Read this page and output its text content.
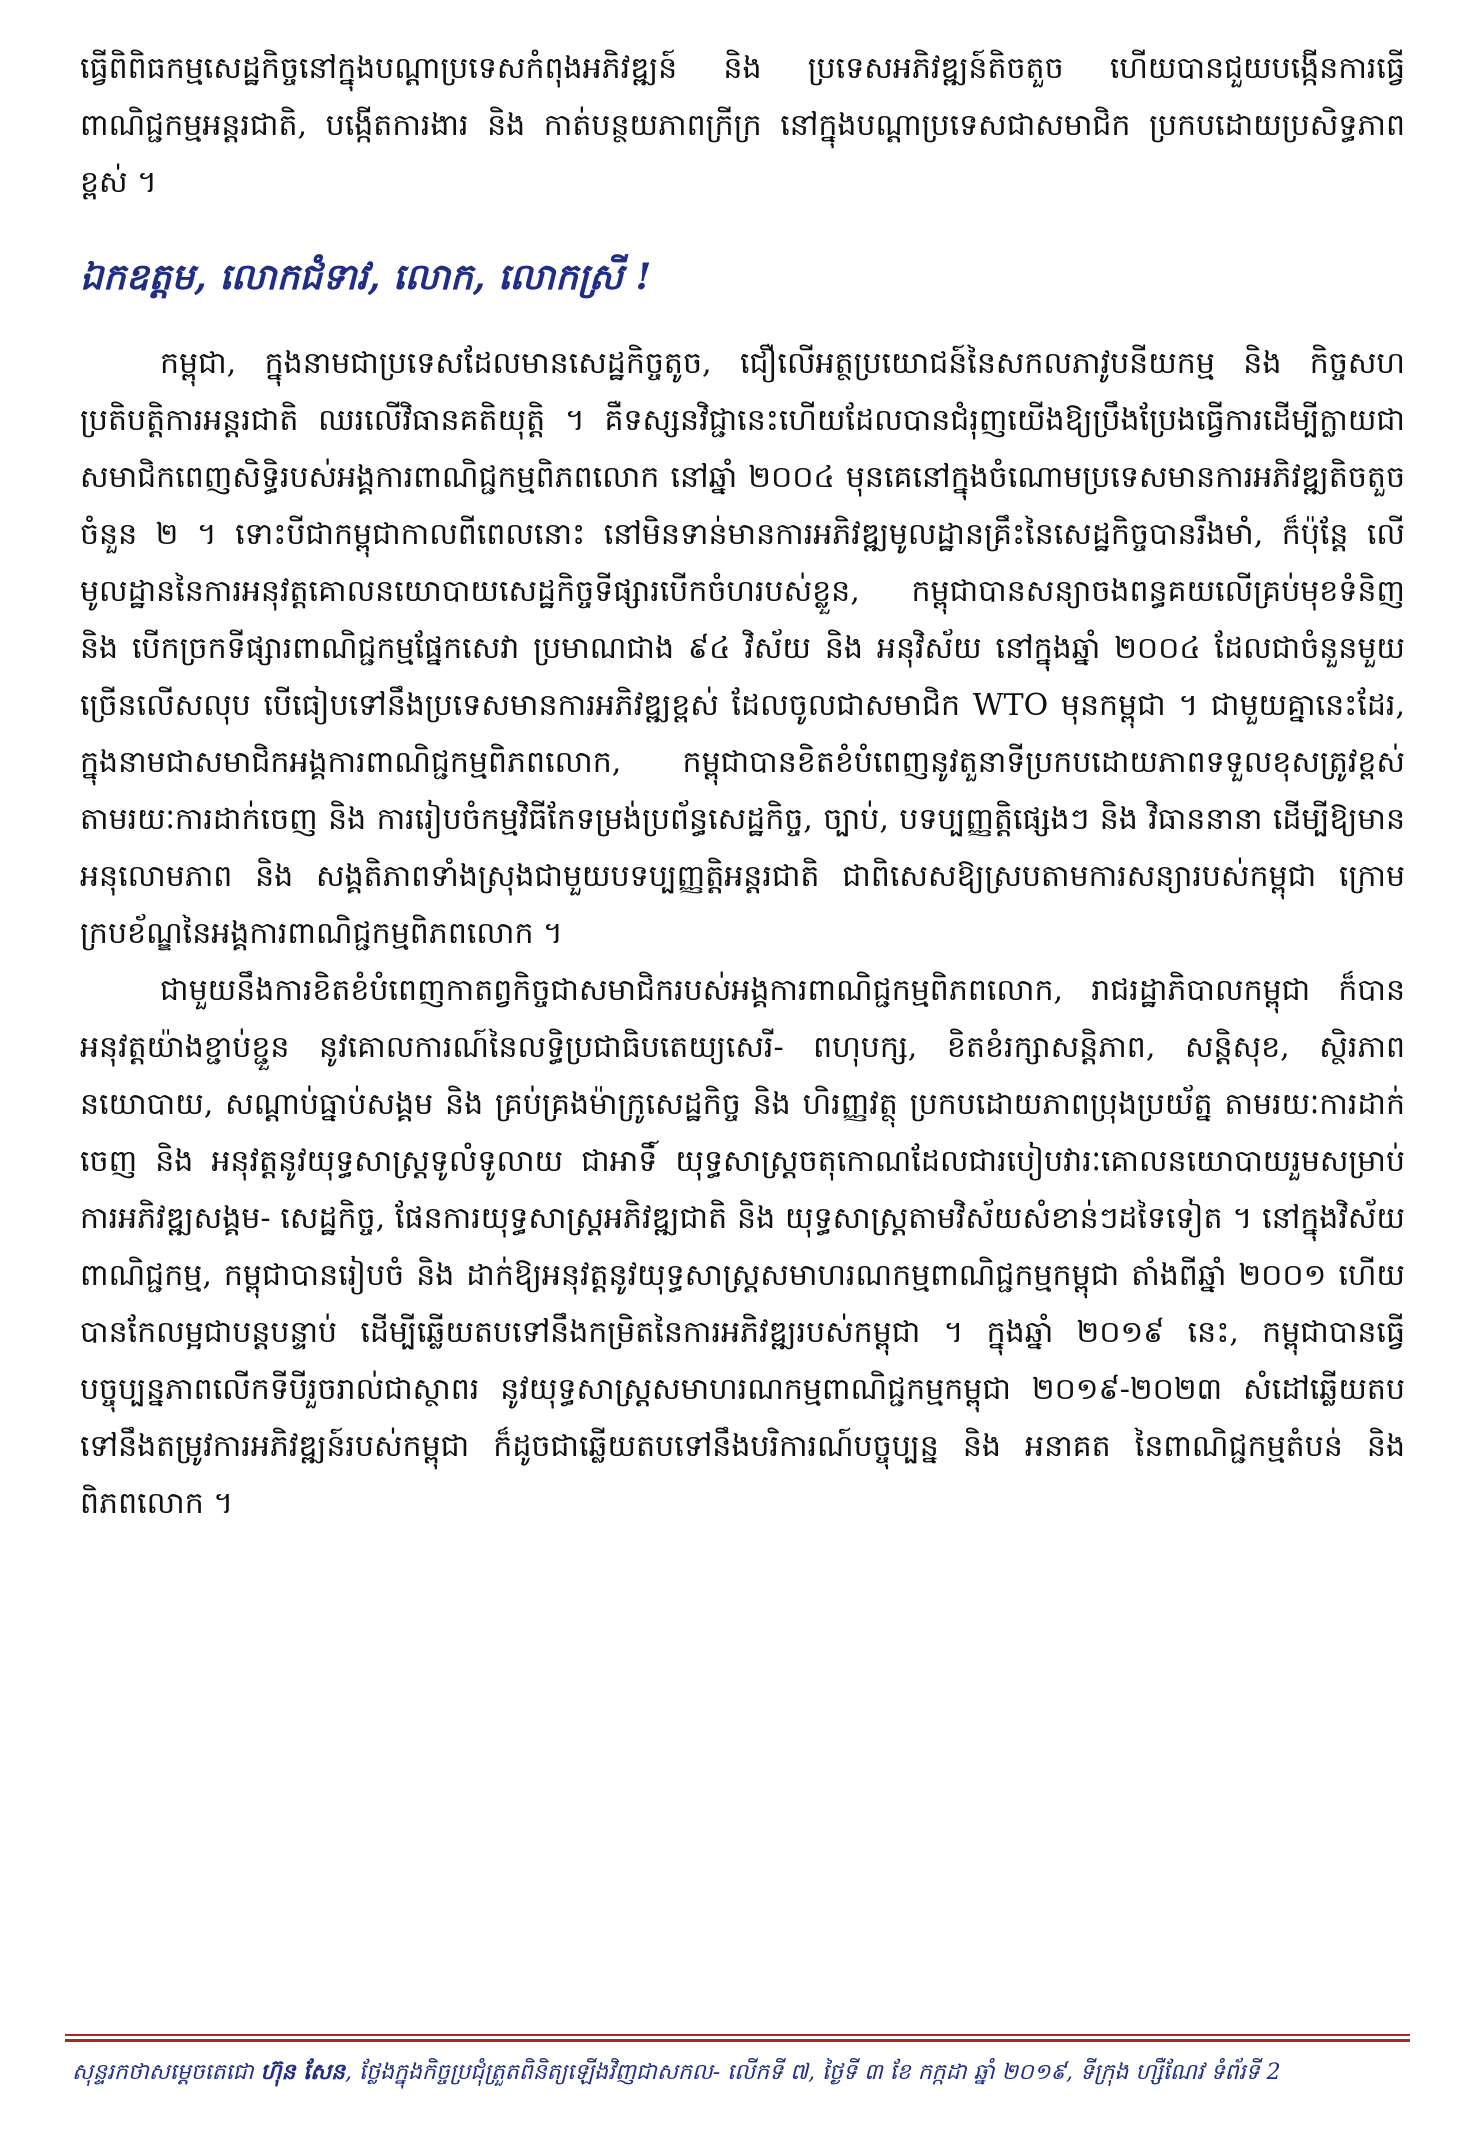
ធ្វើពិពិធកម្មសេដ្ឋកិច្ចនៅក្នុងបណ្តាប្រទេសកំពុងអភិវឌ្ឍន៍ និង ប្រទេសអភិវឌ្ឍន៍តិចតួច ហើយបានជួយបង្កើនការធ្វើពាណិជ្ជកម្មអន្តរជាតិ, បង្កើតការងារ និង កាត់បន្ថយភាពក្រីក្រ នៅក្នុងបណ្តាប្រទេសជាសមាជិក ប្រកបដោយប្រសិទ្ធភាពខ្ពស់ ។

ឯកឧត្តម, លោកជំទាវ, លោក, លោកស្រី !

កម្ពុជា, ក្នុងនាមជាប្រទេសដែលមានសេដ្ឋកិច្ចតូច, ជឿលើអត្ថប្រយោជន៍នៃសកលភាវូបនីយកម្ម និង កិច្ចសហប្រតិបត្តិការអន្តរជាតិ ឈរលើវិធានគតិយុត្តិ ។ គឺទស្សនវិជ្ជានេះហើយដែលបានជំរុញយើងឱ្យប្រឹងប្រែងធ្វើការដើម្បីក្លាយជាសមាជិកពេញសិទ្ធិរបស់អង្គការពាណិជ្ជកម្មពិភពលោក នៅឆ្នាំ ២០០៤ មុនគេនៅក្នុងចំណោមប្រទេសមានការអភិវឌ្ឍតិចតួចចំនួន ២ ។ ទោះបីជាកម្ពុជាកាលពីពេលនោះ នៅមិនទាន់មានការអភិវឌ្ឍមូលដ្ឋានគ្រឹះនៃសេដ្ឋកិច្ចបានរឹងមាំ, ក៏ប៉ុន្តែ លើមូលដ្ឋាននៃការអនុវត្តគោលនយោបាយសេដ្ឋកិច្ចទីផ្សារបើកចំហរបស់ខ្លួន, កម្ពុជាបានសន្យាចងពន្ធគយលើគ្រប់មុខទំនិញ និង បើកច្រកទីផ្សារពាណិជ្ជកម្មផ្នែកសេវា ប្រមាណជាង ៩៤ វិស័យ និង អនុវិស័យ នៅក្នុងឆ្នាំ ២០០៤ ដែលជាចំនួនមួយច្រើនលើសលុប បើធៀបទៅនឹងប្រទេសមានការអភិវឌ្ឍខ្ពស់ ដែលចូលជាសមាជិក WTO មុនកម្ពុជា ។ ជាមួយគ្នានេះដែរ, ក្នុងនាមជាសមាជិកអង្គការពាណិជ្ជកម្មពិភពលោក, កម្ពុជាបានខិតខំបំពេញនូវតួនាទីប្រកបដោយភាពទទួលខុសត្រូវខ្ពស់ តាមរយៈការដាក់ចេញ និង ការរៀបចំកម្មវិធីកែទម្រង់ប្រព័ន្ធសេដ្ឋកិច្ច, ច្បាប់, បទប្បញ្ញត្តិផ្សេងៗ និង វិធាននានា ដើម្បីឱ្យមានអនុលោមភាព និង សង្គតិភាពទាំងស្រុងជាមួយបទប្បញ្ញត្តិអន្តរជាតិ ជាពិសេសឱ្យស្របតាមការសន្យារបស់កម្ពុជា ក្រោមក្របខ័ណ្ឌនៃអង្គការពាណិជ្ជកម្មពិភពលោក ។

ជាមួយនឹងការខិតខំបំពេញកាតព្វកិច្ចជាសមាជិករបស់អង្គការពាណិជ្ជកម្មពិភពលោក, រាជរដ្ឋាភិបាលកម្ពុជា ក៏បានអនុវត្តយ៉ាងខ្ជាប់ខ្ជួន នូវគោលការណ៍នៃលទ្ធិប្រជាធិបតេយ្យសេរី- ពហុបក្ស, ខិតខំរក្សាសន្តិភាព, សន្តិសុខ, ស្ថិរភាពនយោបាយ, សណ្តាប់ធ្នាប់សង្គម និង គ្រប់គ្រងម៉ាក្រូសេដ្ឋកិច្ច និង ហិរញ្ញវត្ថុ ប្រកបដោយភាពប្រុងប្រយ័ត្ន តាមរយៈការដាក់ចេញ និង អនុវត្តនូវយុទ្ធសាស្ត្រទូលំទូលាយ ជាអាទិ៍ យុទ្ធសាស្ត្រចតុកោណដែលជារបៀបវារៈគោលនយោបាយរួមសម្រាប់ការអភិវឌ្ឍសង្គម- សេដ្ឋកិច្ច, ផែនការយុទ្ធសាស្ត្រអភិវឌ្ឍជាតិ និង យុទ្ធសាស្ត្រតាមវិស័យសំខាន់ៗដទៃទៀត ។ នៅក្នុងវិស័យពាណិជ្ជកម្ម, កម្ពុជាបានរៀបចំ និង ដាក់ឱ្យអនុវត្តនូវយុទ្ធសាស្ត្រសមាហរណកម្មពាណិជ្ជកម្មកម្ពុជា តាំងពីឆ្នាំ ២០០១ ហើយបានកែលម្អជាបន្តបន្ទាប់ ដើម្បីឆ្លើយតបទៅនឹងកម្រិតនៃការអភិវឌ្ឍរបស់កម្ពុជា ។ ក្នុងឆ្នាំ ២០១៩ នេះ, កម្ពុជាបានធ្វើបច្ចុប្បន្នភាពលើកទីបីរួចរាល់ជាស្ថាពរ នូវយុទ្ធសាស្ត្រសមាហរណកម្មពាណិជ្ជកម្មកម្ពុជា ២០១៩-២០២៣ សំដៅឆ្លើយតបទៅនឹងតម្រូវការអភិវឌ្ឍន៍របស់កម្ពុជា ក៏ដូចជាឆ្លើយតបទៅនឹងបរិការណ៍បច្ចុប្បន្ន និង អនាគត នៃពាណិជ្ជកម្មតំបន់ និង ពិភពលោក ។

សុន្ទរកថាសម្តេចតេជោ ហ៊ុន សែន, ថ្លែងក្នុងកិច្ចប្រជុំត្រួតពិនិត្យឡើងវិញជាសកល- លើកទី ៧, ថ្ងៃទី ៣ ខែ កក្កដា ឆ្នាំ ២០១៩, ទីក្រុង ហ្សឺណែវ ទំព័រទី 2
